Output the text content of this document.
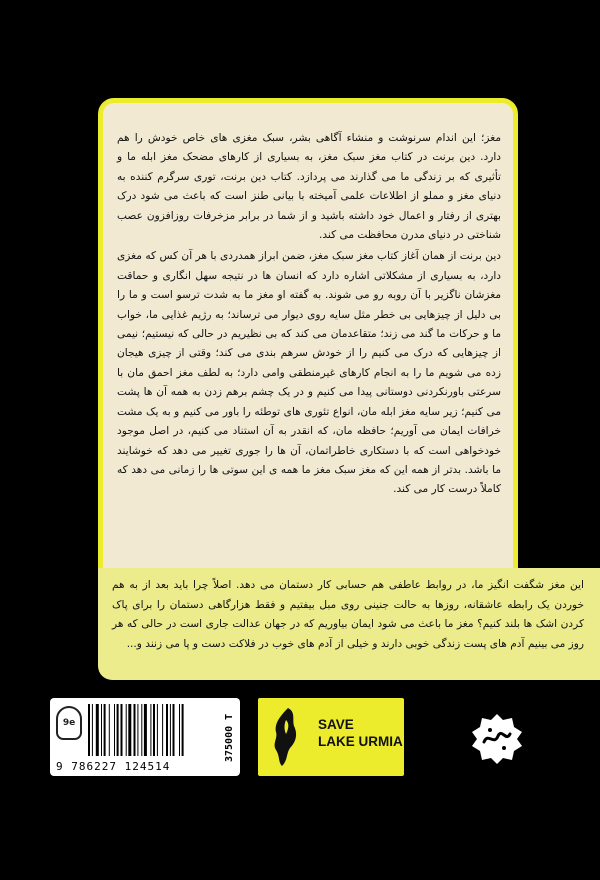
مغز؛ این اندام سرنوشت و منشاء آگاهی بشر، سبک مغزی های خاص خودش را هم دارد. دین برنت در کتاب مغز سبک مغز، به بسیاری از کارهای مضحک مغز ابله ما و تأثیری که بر زندگی ما می گذارند می پردازد. کتاب دین برنت، توری سرگرم کننده به دنیای مغز و مملو از اطلاعات علمی آمیخته با بیانی طنز است که باعث می شود درک بهتری از رفتار و اعمال خود داشته باشید و از شما در برابر مزخرفات روزافزون عصب شناختی در دنیای مدرن محافظت می کند.

دین برنت از همان آغاز کتاب مغز سبک مغز، ضمن ابراز همدردی با هر آن کس که مغزی دارد، به بسیاری از مشکلاتی اشاره دارد که انسان ها در نتیجه سهل انگاری و حماقت مغزشان ناگزیر با آن روبه رو می شوند. به گفته او مغز ما به شدت ترسو است و ما را بی دلیل از چیزهایی بی خطر مثل سایه روی دیوار می ترساند؛ به رژیم غذایی ما، خواب ما و حرکات ما گند می زند؛ متقاعدمان می کند که بی نظیریم در حالی که نیستیم؛ نیمی از چیزهایی که درک می کنیم را از خودش سرهم بندی می کند؛ وقتی از چیزی هیجان زده می شویم ما را به انجام کارهای غیرمنطقی وامی دارد؛ به لطف مغز احمق مان با سرعتی باورنکردنی دوستانی پیدا می کنیم و در یک چشم برهم زدن به همه آن ها پشت می کنیم؛ زیر سایه مغز ابله مان، انواع تئوری های توطئه را باور می کنیم و به یک مشت خرافات ایمان می آوریم؛ حافظه مان، که انقدر به آن استناد می کنیم، در اصل موجود خودخواهی است که با دستکاری خاطراتمان، آن ها را جوری تغییر می دهد که خوشایند ما باشد. بدتر از همه این که مغز سبک مغز ما همه ی این سوتی ها را زمانی می دهد که کاملاً درست کار می کند.

این مغز شگفت انگیز ما، در روابط عاطفی هم حسابی کار دستمان می دهد. اصلاً چرا باید بعد از به هم خوردن یک رابطه عاشقانه، روزها به حالت جنینی روی مبل بیفتیم و فقط هزارگاهی دستمان را برای پاک کردن اشک ها بلند کنیم؟ مغز ما باعث می شود ایمان بیاوریم که در جهان عدالت جاری است در حالی که هر روز می بینیم آدم های پست زندگی خوبی دارند و خیلی از آدم های خوب در فلاکت دست و پا می زنند و...

9e
9 786227 124514
375000 T	SAVE
LAKE URMIA
